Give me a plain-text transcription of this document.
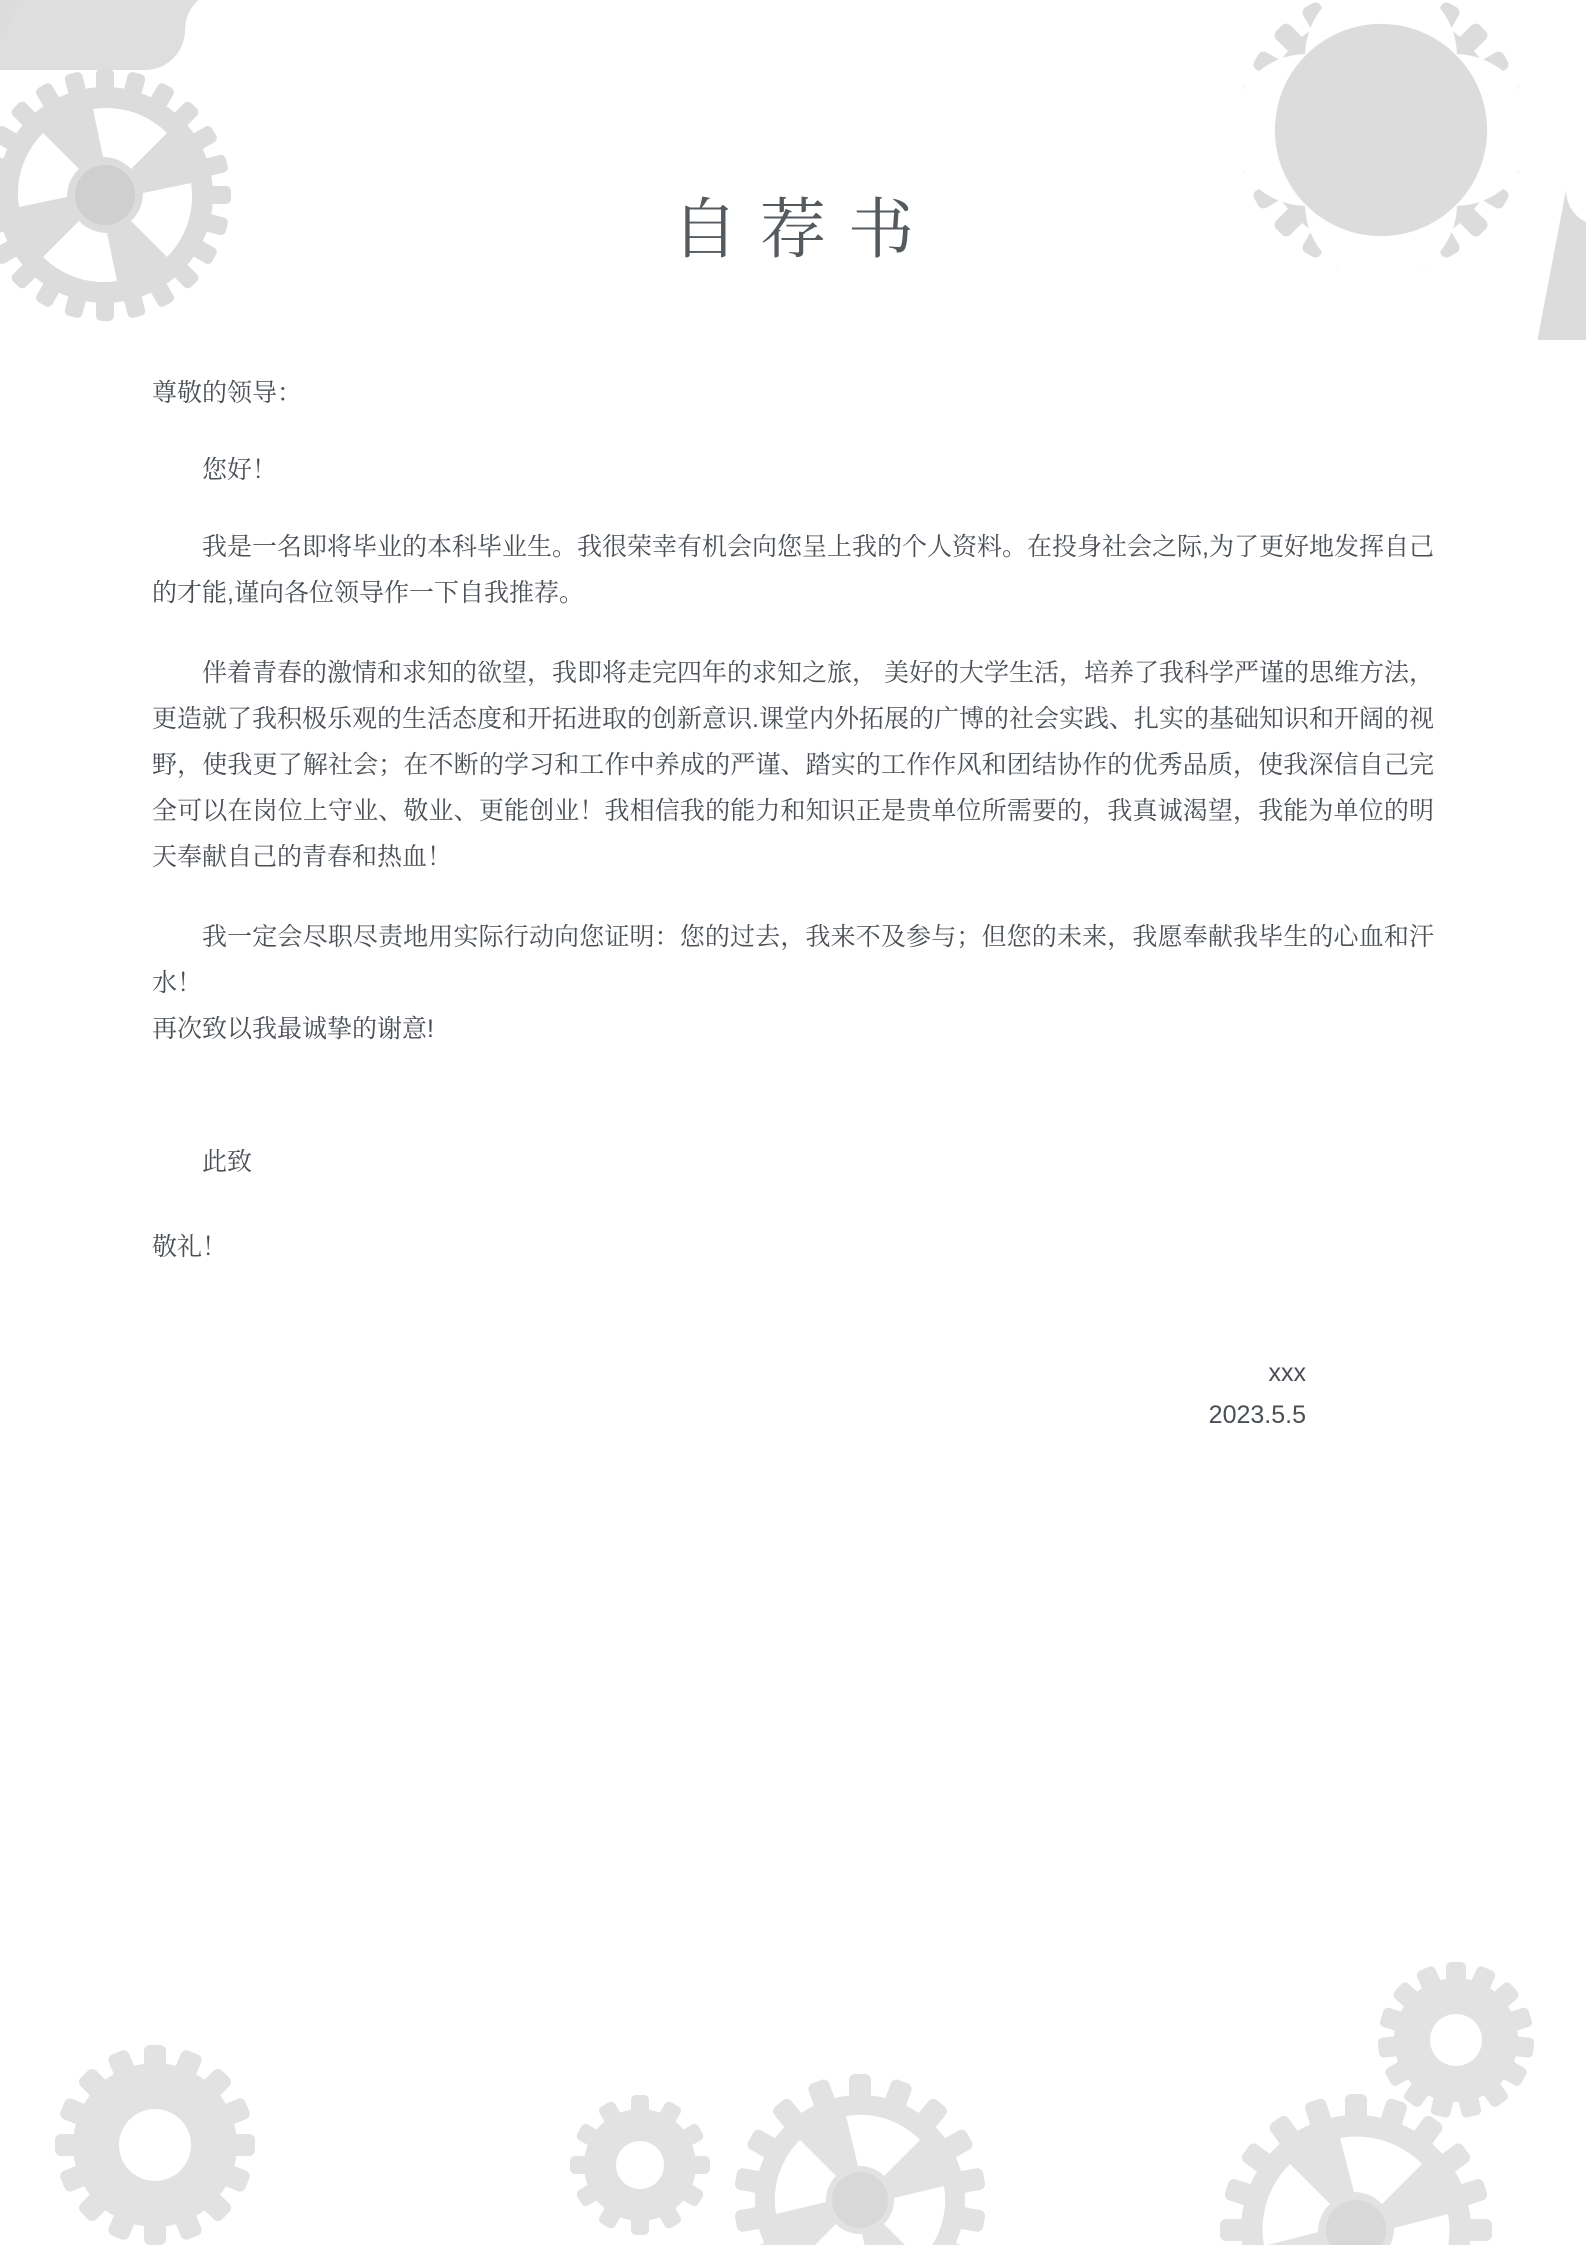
自荐书

尊敬的领导：

您好！

我是一名即将毕业的本科毕业生。我很荣幸有机会向您呈上我的个人资料。在投身社会之际,为了更好地发挥自己的才能,谨向各位领导作一下自我推荐。

伴着青春的激情和求知的欲望，我即将走完四年的求知之旅， 美好的大学生活，培养了我科学严谨的思维方法，更造就了我积极乐观的生活态度和开拓进取的创新意识.课堂内外拓展的广博的社会实践、扎实的基础知识和开阔的视野，使我更了解社会；在不断的学习和工作中养成的严谨、踏实的工作作风和团结协作的优秀品质，使我深信自己完全可以在岗位上守业、敬业、更能创业！我相信我的能力和知识正是贵单位所需要的，我真诚渴望，我能为单位的明天奉献自己的青春和热血！

我一定会尽职尽责地用实际行动向您证明：您的过去，我来不及参与；但您的未来，我愿奉献我毕生的心血和汗水！

再次致以我最诚挚的谢意!

此致

敬礼！

xxx

2023.5.5
